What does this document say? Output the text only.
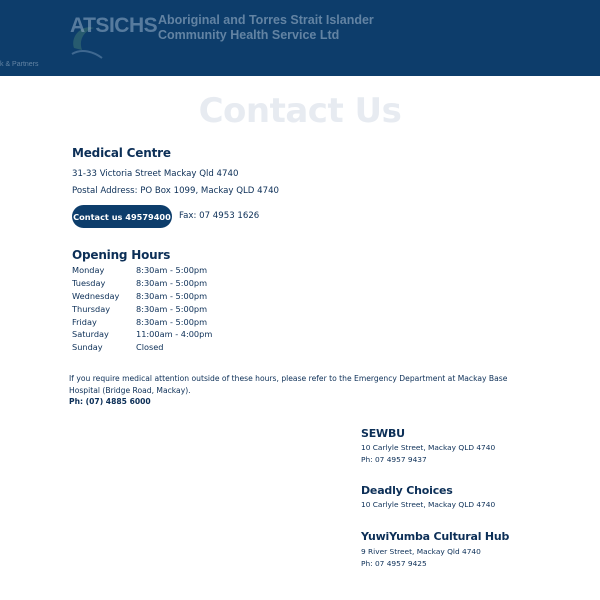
ATSICHS Aboriginal and Torres Strait Islander
Community Health Service Ltd
k & Partners
Contact Us
Medical Centre
31-33 Victoria Street Mackay Qld 4740
Postal Address: PO Box 1099, Mackay QLD 4740
Contact us 49579400 Fax: 07 4953 1626
Opening Hours
Monday	8:30am - 5:00pm
Tuesday	8:30am - 5:00pm
Wednesday 8:30am - 5:00pm
Thursday	8:30am - 5:00pm
Friday	8:30am - 5:00pm
Saturday	11:00am - 4:00pm
Sunday	Closed
If you require medical attention outside of these hours, please refer to the Emergency Department at Mackay Base Hospital (Bridge Road, Mackay).
Ph: (07) 4885 6000
SEWBU
10 Carlyle Street, Mackay QLD 4740
Ph: 07 4957 9437
Deadly Choices
10 Carlyle Street, Mackay QLD 4740
YuwiYumba Cultural Hub
9 River Street, Mackay Qld 4740
Ph: 07 4957 9425
